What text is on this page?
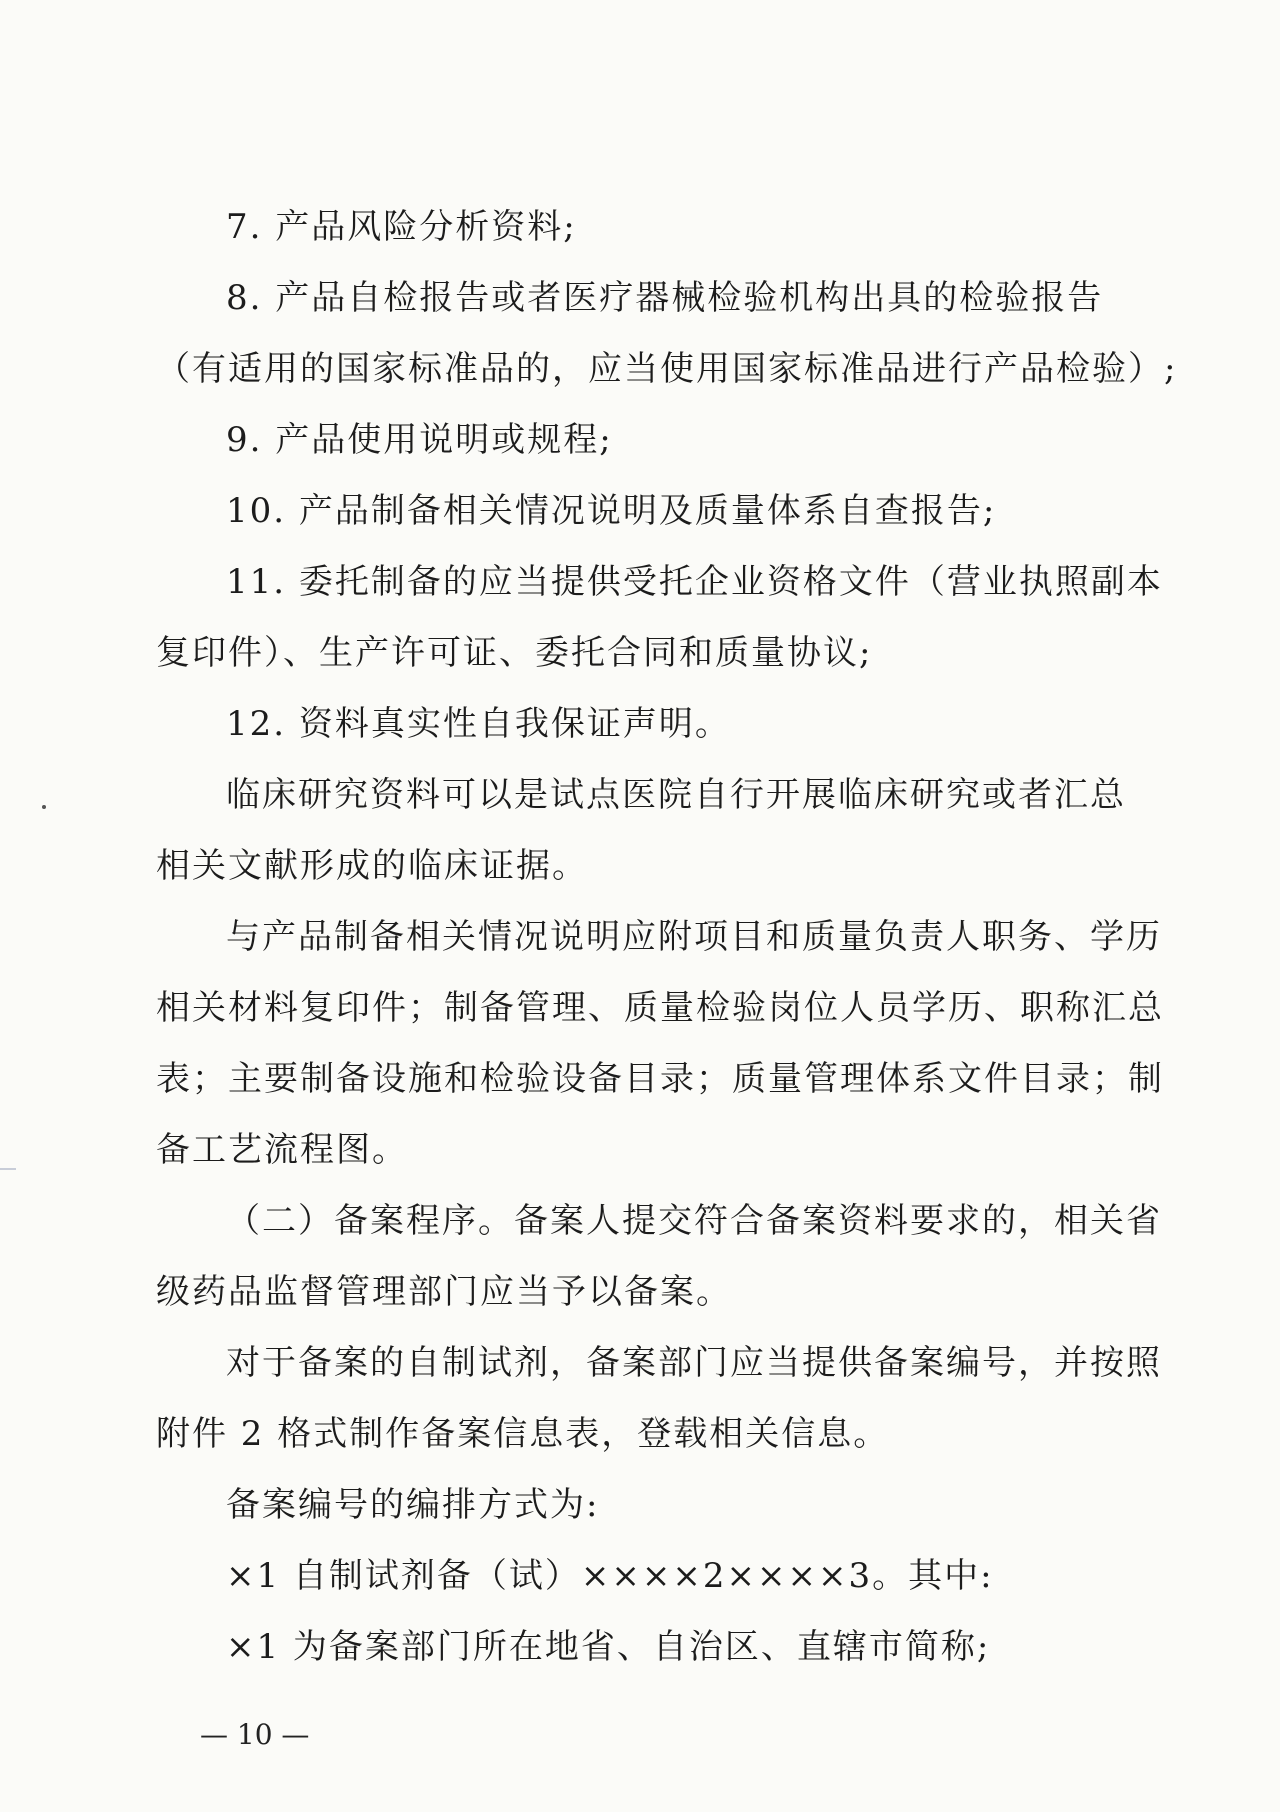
7. 产品风险分析资料;
8. 产品自检报告或者医疗器械检验机构出具的检验报告
（有适用的国家标准品的，应当使用国家标准品进行产品检验）;
9. 产品使用说明或规程;
10. 产品制备相关情况说明及质量体系自查报告;
11. 委托制备的应当提供受托企业资格文件（营业执照副本
复印件）、生产许可证、委托合同和质量协议;
12. 资料真实性自我保证声明。
临床研究资料可以是试点医院自行开展临床研究或者汇总
相关文献形成的临床证据。
与产品制备相关情况说明应附项目和质量负责人职务、学历
相关材料复印件；制备管理、质量检验岗位人员学历、职称汇总
表；主要制备设施和检验设备目录；质量管理体系文件目录；制
备工艺流程图。
（二）备案程序。备案人提交符合备案资料要求的，相关省
级药品监督管理部门应当予以备案。
对于备案的自制试剂，备案部门应当提供备案编号，并按照
附件 2 格式制作备案信息表，登载相关信息。
备案编号的编排方式为:
×1 自制试剂备（试）××××2××××3。其中:
×1 为备案部门所在地省、自治区、直辖市简称;
— 10 —
